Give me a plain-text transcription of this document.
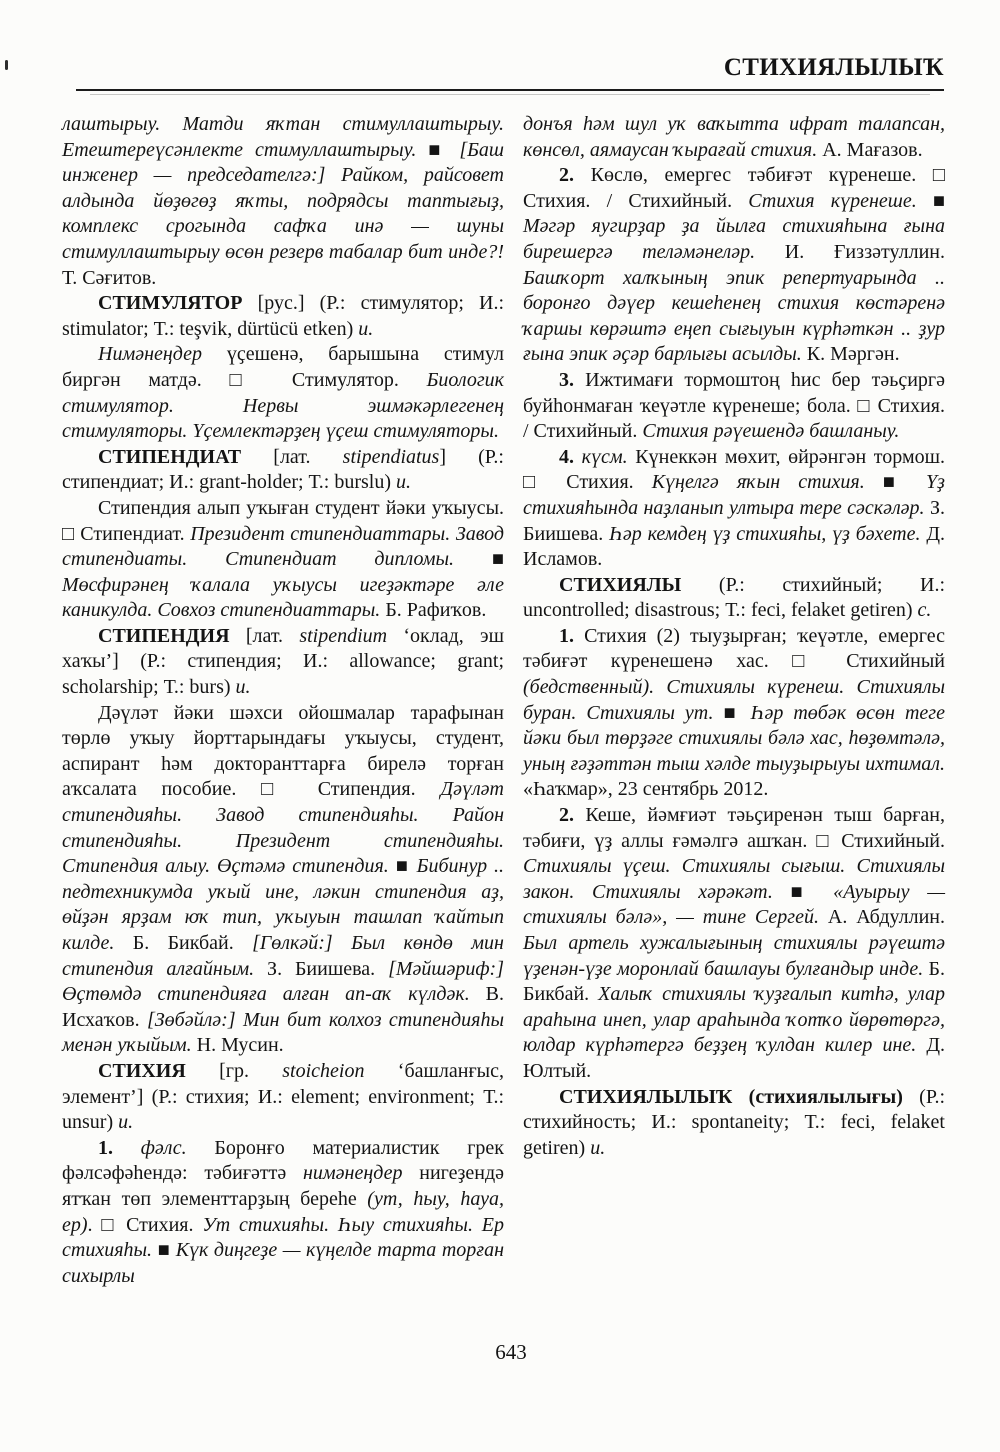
СТИХИЯЛЫЛЫҠ

лаштырыу. Матди яҡтан стимуллаштырыу. Етештереүсәнлекте стимуллаштырыу. ■ [Баш инженер — председателгә:] Райком, райсовет алдында йөҙөгөҙ яҡты, подрядсы таптығыҙ, комплекс срогында сафҡа инә — шуны стимуллаштырыу өсөн резерв табалар бит инде?! Т. Сәғитов.

СТИМУЛЯТОР [рус.] (Р.: стимулятор; И.: stimulator; Т.: teşvik, dürtücü etken) и.

Нимәнеңдер үҫешенә, барышына стимул биргән матдә. □ Стимулятор. Биологик стимулятор. Нервы эшмәкәрлегенең стимуляторы. Үҫемлектәрҙең үҫеш стимуляторы.

СТИПЕНДИАТ [лат. stipendiatus] (Р.: стипендиат; И.: grant-holder; Т.: burslu) и.

Стипендия алып уҡыған студент йәки уҡыусы. □ Стипендиат. Президент стипендиаттары. Завод стипендиаты. Стипендиат дипломы. ■ Мөсфирәнең ҡалала уҡыусы игеҙәктәре әле каникулда. Совхоз стипендиаттары. Б. Рафиҡов.

СТИПЕНДИЯ [лат. stipendium ‘оклад, эш хаҡы’] (Р.: стипендия; И.: allowance; grant; scholarship; Т.: burs) и.

Дәүләт йәки шәхси ойошмалар тарафынан төрлө уҡыу йорттарындағы уҡыусы, студент, аспирант һәм докторанттарға бирелә торған аҡсалата пособие. □ Стипендия. Дәүләт стипендияһы. Завод стипендияһы. Район стипендияһы. Президент стипендияһы. Стипендия алыу. Өҫтәмә стипендия. ■ Бибинур .. педтехникумда уҡый ине, ләкин стипендия аҙ, өйҙән ярҙам юҡ тип, уҡыуын ташлап ҡайтып килде. Б. Бикбай. [Гөлкәй:] Был көндө мин стипендия алғайным. З. Биишева. [Мәйшәриф:] Өҫтөмдә стипендияға алған ап-аҡ күлдәк. В. Исхаҡов. [Зөбәйлә:] Мин бит колхоз стипендияһы менән уҡыйым. Н. Мусин.

СТИХИЯ [гр. stoicheion ‘башланғыс, элемент’] (Р.: стихия; И.: element; environment; Т.: unsur) и.

1. фәлс. Боронғо материалистик грек фәлсәфәһендә: тәбиғәттә нимәнеңдер нигеҙендә ятҡан төп элементтарҙың береһе (ут, һыу, һауа, ер). □ Стихия. Ут стихияһы. Һыу стихияһы. Ер стихияһы. ■ Күк диңгеҙе — күңелде тарта торған сихырлы

донъя һәм шул уҡ ваҡытта ифрат талапсан, көнсөл, аямаусан ҡырағай стихия. А. Мағазов.

2. Көслө, емергес тәбиғәт күренеше. □ Стихия. / Стихийный. Стихия күренеше. ■ Мәгәр яугирҙар ҙа йылға стихияһына ғына бирешергә теләмәнеләр. И. Ғиззәтуллин. Башҡорт халҡының эпик репертуарында .. боронғо дәүер кешеһенең стихия көстәренә ҡаршы көрәштә еңеп сығыуын күрһәткән .. ҙур ғына эпик әҫәр барлығы асылды. К. Мәргән.

3. Ижтимағи тормоштоң һис бер тәьҫиргә буйһонмаған ҡеүәтле күренеше; бола. □ Стихия. / Стихийный. Стихия рәүешендә башланыу.

4. күсм. Күнеккән мөхит, өйрәнгән тормош. □ Стихия. Күңелгә яҡын стихия. ■ Үҙ стихияһында наҙланып ултыра тере сәскәләр. З. Биишева. Һәр кемдең үҙ стихияһы, үҙ бәхете. Д. Исламов.

СТИХИЯЛЫ (Р.: стихийный; И.: uncontrolled; disastrous; Т.: feci, felaket getiren) с.

1. Стихия (2) тыуҙырған; ҡеүәтле, емергес тәбиғәт күренешенә хас. □ Стихийный (бедственный). Стихиялы күренеш. Стихиялы буран. Стихиялы ут. ■ Һәр төбәк өсөн теге йәки был төрҙәге стихиялы бәлә хас, һөҙөмтәлә, уның ғәҙәттән тыш хәлде тыуҙырыуы ихтимал. «Һаҡмар», 23 сентябрь 2012.

2. Кеше, йәмғиәт тәьҫиренән тыш барған, тәбиғи, үҙ аллы ғәмәлгә ашҡан. □ Стихийный. Стихиялы үҫеш. Стихиялы сығыш. Стихиялы закон. Стихиялы хәрәкәт. ■ «Ауырыу — стихиялы бәлә», — тине Сергей. А. Абдуллин. Был артель хужалығының стихиялы рәүештә үҙенән-үҙе моронлай башлауы булғандыр инде. Б. Бикбай. Халыҡ стихиялы ҡуҙғалып китһә, улар араһына инеп, улар араһында ҡотҡо йөрөтөргә, юлдар күрһәтергә беҙҙең ҡулдан килер ине. Д. Юлтый.

СТИХИЯЛЫЛЫҠ (стихиялылығы) (Р.: стихийность; И.: spontaneity; Т.: feci, felaket getiren) и.

643
